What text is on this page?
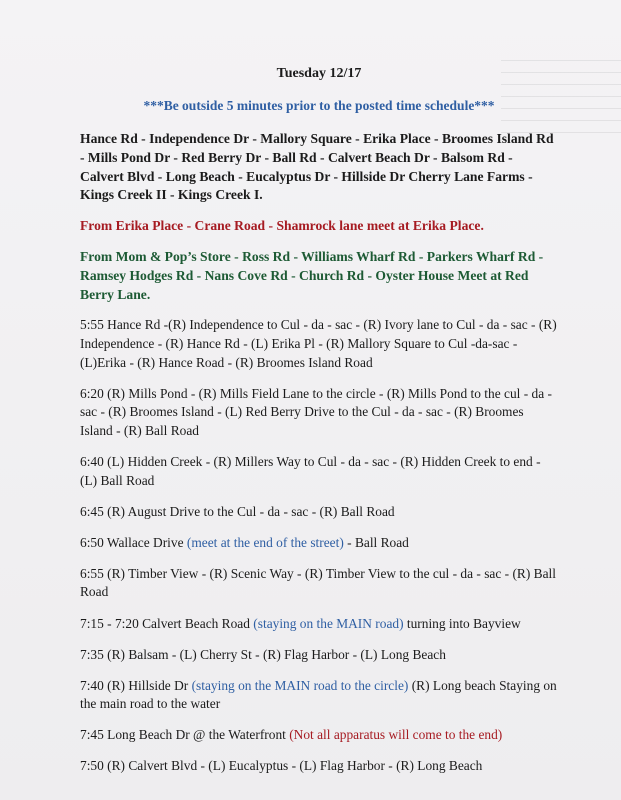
Tuesday 12/17
***Be outside 5 minutes prior to the posted time schedule***
Hance Rd - Independence Dr - Mallory Square - Erika Place - Broomes Island Rd - Mills Pond Dr - Red Berry Dr - Ball Rd - Calvert Beach Dr - Balsom Rd - Calvert Blvd - Long Beach - Eucalyptus Dr - Hillside Dr Cherry Lane Farms - Kings Creek II - Kings Creek I.
From Erika Place - Crane Road - Shamrock lane meet at Erika Place.
From Mom & Pop’s Store - Ross Rd - Williams Wharf Rd - Parkers Wharf Rd - Ramsey Hodges Rd - Nans Cove Rd - Church Rd - Oyster House Meet at Red Berry Lane.
5:55 Hance Rd -(R) Independence to Cul - da - sac - (R) Ivory lane to Cul - da - sac - (R) Independence - (R) Hance Rd - (L) Erika Pl - (R) Mallory Square to Cul -da-sac - (L)Erika - (R) Hance Road - (R) Broomes Island Road
6:20 (R) Mills Pond - (R) Mills Field Lane to the circle - (R) Mills Pond to the cul - da - sac - (R) Broomes Island - (L) Red Berry Drive to the Cul - da - sac - (R) Broomes Island - (R) Ball Road
6:40 (L) Hidden Creek - (R) Millers Way to Cul - da - sac - (R) Hidden Creek to end - (L) Ball Road
6:45 (R) August Drive to the Cul - da - sac - (R) Ball Road
6:50 Wallace Drive (meet at the end of the street) - Ball Road
6:55 (R) Timber View - (R) Scenic Way - (R) Timber View to the cul - da - sac - (R) Ball Road
7:15 - 7:20 Calvert Beach Road (staying on the MAIN road) turning into Bayview
7:35 (R) Balsam - (L) Cherry St - (R) Flag Harbor - (L) Long Beach
7:40 (R) Hillside Dr (staying on the MAIN road to the circle) (R) Long beach Staying on the main road to the water
7:45 Long Beach Dr @ the Waterfront (Not all apparatus will come to the end)
7:50 (R) Calvert Blvd - (L) Eucalyptus - (L) Flag Harbor - (R) Long Beach
